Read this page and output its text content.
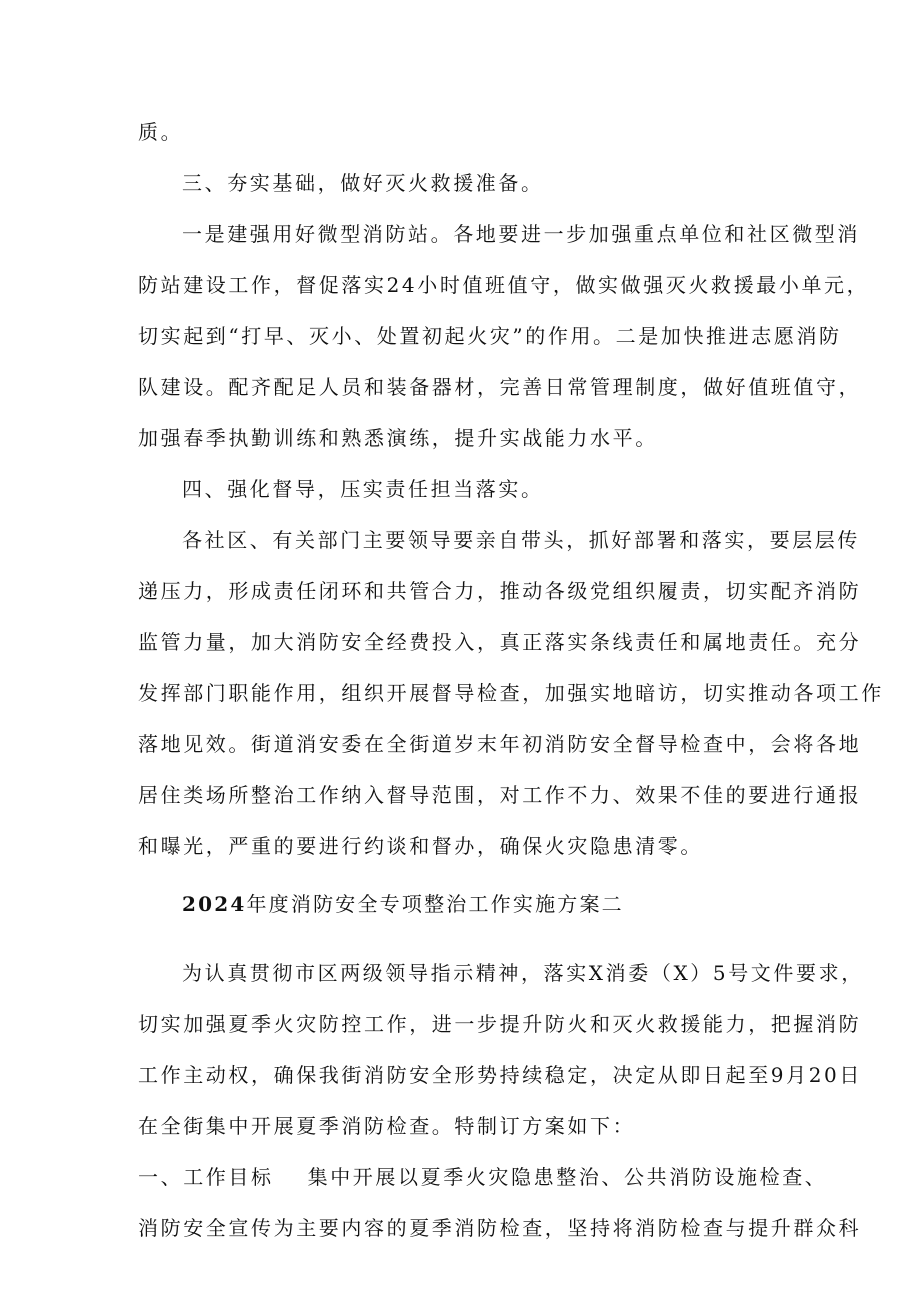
质。
三、夯实基础，做好灭火救援准备。
一是建强用好微型消防站。各地要进一步加强重点单位和社区微型消
防站建设工作，督促落实24小时值班值守，做实做强灭火救援最小单元，
切实起到“打早、灭小、处置初起火灾”的作用。二是加快推进志愿消防
队建设。配齐配足人员和装备器材，完善日常管理制度，做好值班值守，
加强春季执勤训练和熟悉演练，提升实战能力水平。
四、强化督导，压实责任担当落实。
各社区、有关部门主要领导要亲自带头，抓好部署和落实，要层层传
递压力，形成责任闭环和共管合力，推动各级党组织履责，切实配齐消防
监管力量，加大消防安全经费投入，真正落实条线责任和属地责任。充分
发挥部门职能作用，组织开展督导检查，加强实地暗访，切实推动各项工作
落地见效。街道消安委在全街道岁末年初消防安全督导检查中，会将各地
居住类场所整治工作纳入督导范围，对工作不力、效果不佳的要进行通报
和曝光，严重的要进行约谈和督办，确保火灾隐患清零。
2024年度消防安全专项整治工作实施方案二
为认真贯彻市区两级领导指示精神，落实X消委（X）5号文件要求，
切实加强夏季火灾防控工作，进一步提升防火和灭火救援能力，把握消防
工作主动权，确保我街消防安全形势持续稳定，决定从即日起至9月20日
在全街集中开展夏季消防检查。特制订方案如下：
一、工作目标 集中开展以夏季火灾隐患整治、公共消防设施检查、
消防安全宣传为主要内容的夏季消防检查，坚持将消防检查与提升群众科
